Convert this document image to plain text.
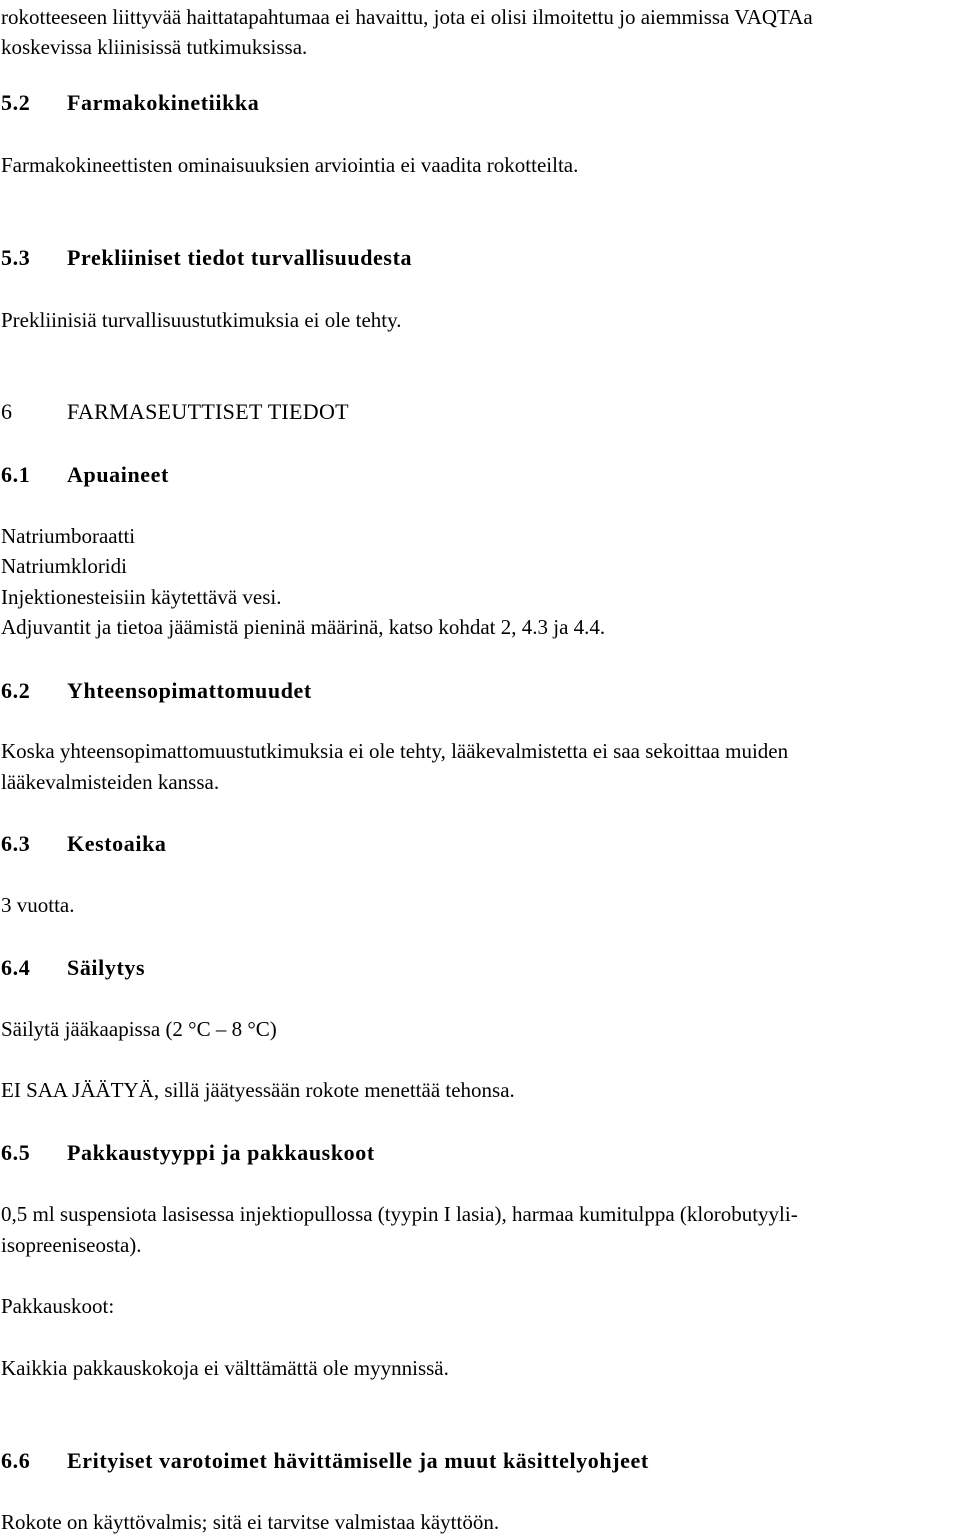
rokotteeseen liittyvää haittatapahtumaa ei havaittu, jota ei olisi ilmoitettu jo aiemmissa VAQTAa
koskevissa kliinisissä tutkimuksissa.
5.2 Farmakokinetiikka
Farmakokineettisten ominaisuuksien arviointia ei vaadita rokotteilta.
5.3 Prekliiniset tiedot turvallisuudesta
Prekliinisiä turvallisuustutkimuksia ei ole tehty.
6 FARMASEUTTISET TIEDOT
6.1 Apuaineet
Natriumboraatti
Natriumkloridi
Injektionesteisiin käytettävä vesi.
Adjuvantit ja tietoa jäämistä pieninä määrinä, katso kohdat 2, 4.3 ja 4.4.
6.2 Yhteensopimattomuudet
Koska yhteensopimattomuustutkimuksia ei ole tehty, lääkevalmistetta ei saa sekoittaa muiden
lääkevalmisteiden kanssa.
6.3 Kestoaika
3 vuotta.
6.4 Säilytys
Säilytä jääkaapissa (2 °C – 8 °C)
EI SAA JÄÄTYÄ, sillä jäätyessään rokote menettää tehonsa.
6.5 Pakkaustyyppi ja pakkauskoot
0,5 ml suspensiota lasisessa injektiopullossa (tyypin I lasia), harmaa kumitulppa (klorobutyyli-
isopreeniseosta).
Pakkauskoot:
Kaikkia pakkauskokoja ei välttämättä ole myynnissä.
6.6 Erityiset varotoimet hävittämiselle ja muut käsittelyohjeet
Rokote on käyttövalmis; sitä ei tarvitse valmistaa käyttöön.
